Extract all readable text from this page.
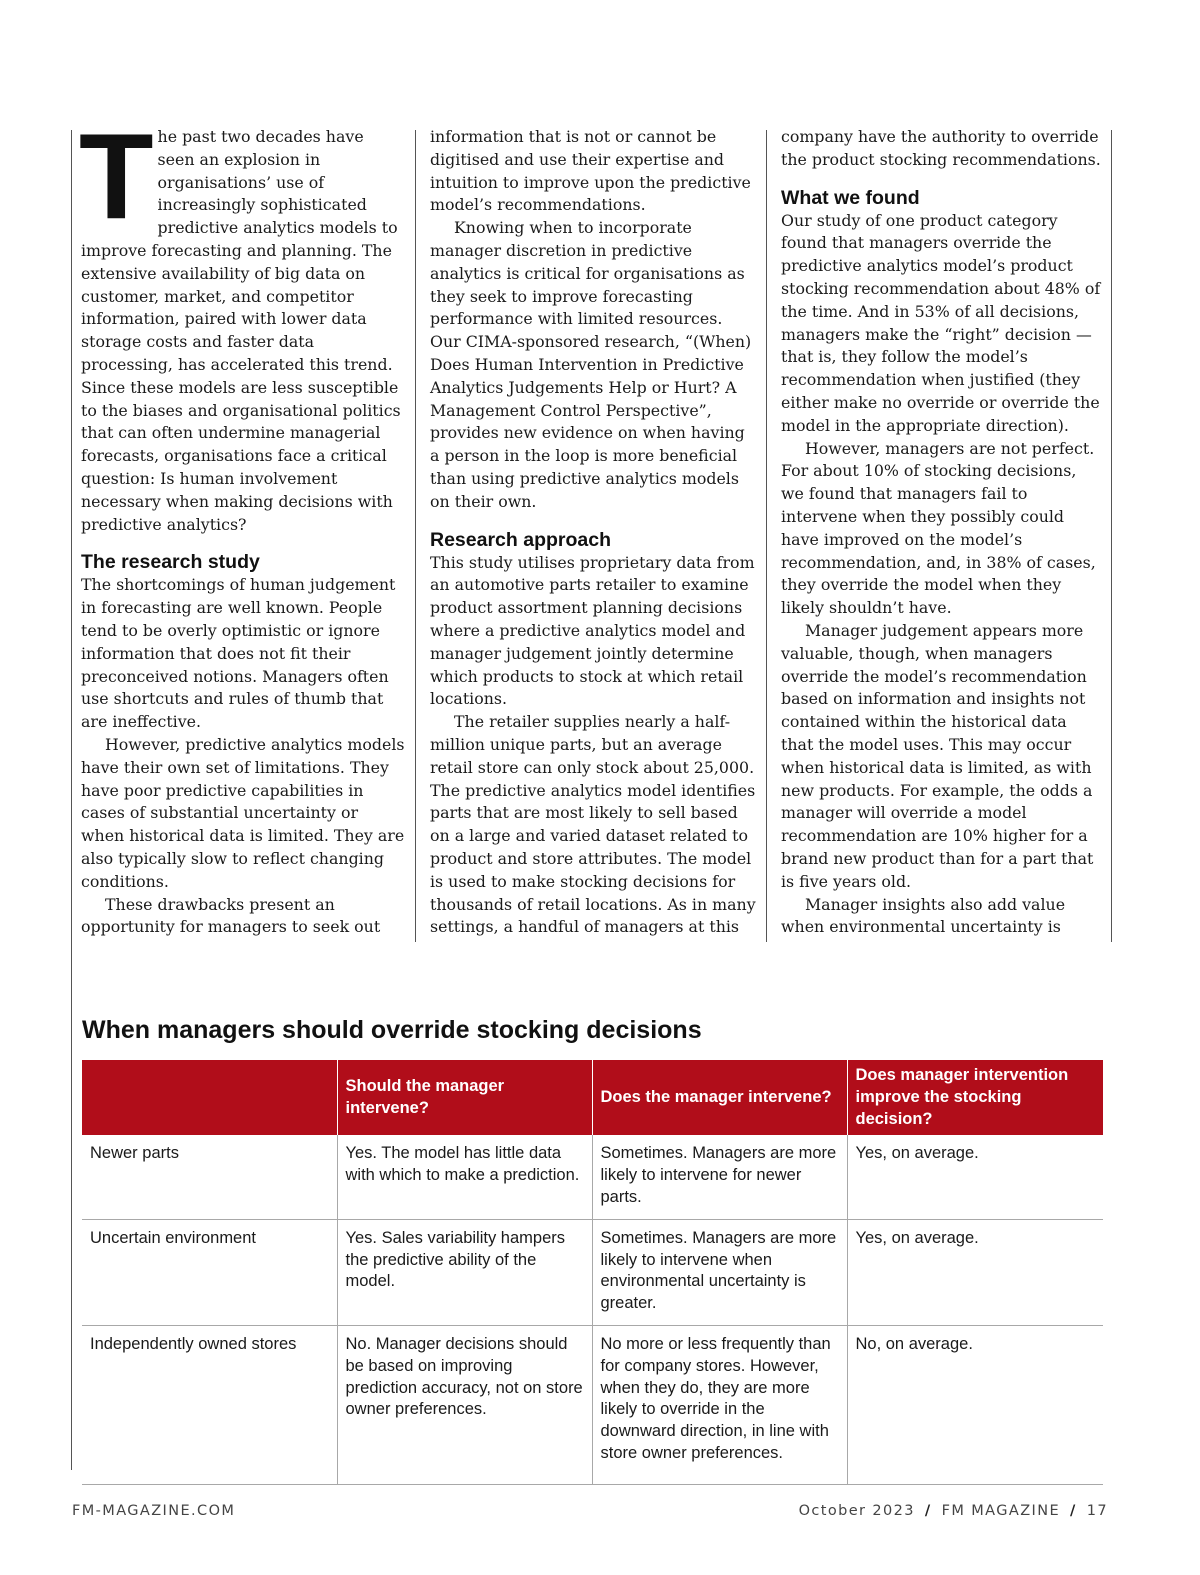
T he past two decades have seen an explosion in organisations’ use of increasingly sophisticated predictive analytics models to improve forecasting and planning. The extensive availability of big data on customer, market, and competitor information, paired with lower data storage costs and faster data processing, has accelerated this trend. Since these models are less susceptible to the biases and organisational politics that can often undermine managerial forecasts, organisations face a critical question: Is human involvement necessary when making decisions with predictive analytics?

The research study

The shortcomings of human judgement in forecasting are well known. People tend to be overly optimistic or ignore information that does not fit their preconceived notions. Managers often use shortcuts and rules of thumb that are ineffective.

However, predictive analytics models have their own set of limitations. They have poor predictive capabilities in cases of substantial uncertainty or when historical data is limited. They are also typically slow to reflect changing conditions.

These drawbacks present an opportunity for managers to seek out

information that is not or cannot be digitised and use their expertise and intuition to improve upon the predictive model’s recommendations.

Knowing when to incorporate manager discretion in predictive analytics is critical for organisations as they seek to improve forecasting performance with limited resources. Our CIMA-sponsored research, “(When) Does Human Intervention in Predictive Analytics Judgements Help or Hurt? A Management Control Perspective”, provides new evidence on when having a person in the loop is more beneficial than using predictive analytics models on their own.

Research approach

This study utilises proprietary data from an automotive parts retailer to examine product assortment planning decisions where a predictive analytics model and manager judgement jointly determine which products to stock at which retail locations.

The retailer supplies nearly a half-million unique parts, but an average retail store can only stock about 25,000. The predictive analytics model identifies parts that are most likely to sell based on a large and varied dataset related to product and store attributes. The model is used to make stocking decisions for thousands of retail locations. As in many settings, a handful of managers at this

company have the authority to override the product stocking recommendations.

What we found

Our study of one product category found that managers override the predictive analytics model’s product stocking recommendation about 48% of the time. And in 53% of all decisions, managers make the “right” decision — that is, they follow the model’s recommendation when justified (they either make no override or override the model in the appropriate direction).

However, managers are not perfect. For about 10% of stocking decisions, we found that managers fail to intervene when they possibly could have improved on the model’s recommendation, and, in 38% of cases, they override the model when they likely shouldn’t have.

Manager judgement appears more valuable, though, when managers override the model’s recommendation based on information and insights not contained within the historical data that the model uses. This may occur when historical data is limited, as with new products. For example, the odds a manager will override a model recommendation are 10% higher for a brand new product than for a part that is five years old.

Manager insights also add value when environmental uncertainty is

When managers should override stocking decisions
	Should the manager intervene?	Does the manager intervene?	Does manager intervention improve the stocking decision?
Newer parts	Yes. The model has little data with which to make a prediction.	Sometimes. Managers are more likely to intervene for newer parts.	Yes, on average.
Uncertain environment	Yes. Sales variability hampers the predictive ability of the model.	Sometimes. Managers are more likely to intervene when environmental uncertainty is greater.	Yes, on average.
Independently owned stores	No. Manager decisions should be based on improving prediction accuracy, not on store owner preferences.	No more or less frequently than for company stores. However, when they do, they are more likely to override in the downward direction, in line with store owner preferences.	No, on average.
FM-MAGAZINE.COM	October 2023 / FM MAGAZINE / 17
